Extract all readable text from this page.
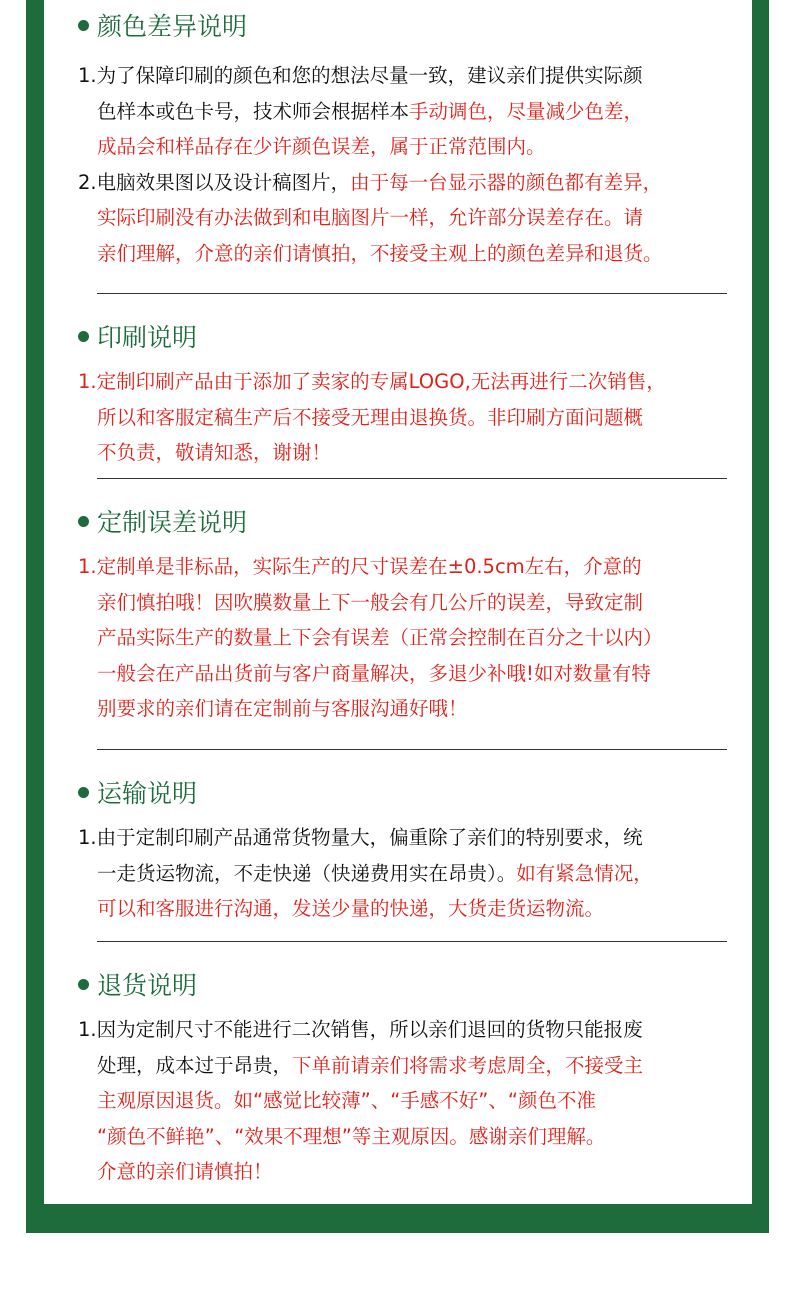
颜色差异说明
1.为了保障印刷的颜色和您的想法尽量一致，建议亲们提供实际颜
色样本或色卡号，技术师会根据样本手动调色，尽量减少色差，
成品会和样品存在少许颜色误差，属于正常范围内。
2.电脑效果图以及设计稿图片，由于每一台显示器的颜色都有差异，
实际印刷没有办法做到和电脑图片一样，允许部分误差存在。请
亲们理解，介意的亲们请慎拍，不接受主观上的颜色差异和退货。
印刷说明
1.定制印刷产品由于添加了卖家的专属LOGO,无法再进行二次销售，
所以和客服定稿生产后不接受无理由退换货。非印刷方面问题概
不负责，敬请知悉，谢谢！
定制误差说明
1.定制单是非标品，实际生产的尺寸误差在±0.5cm左右，介意的
亲们慎拍哦！因吹膜数量上下一般会有几公斤的误差，导致定制
产品实际生产的数量上下会有误差（正常会控制在百分之十以内）
一般会在产品出货前与客户商量解决，多退少补哦!如对数量有特
别要求的亲们请在定制前与客服沟通好哦！
运输说明
1.由于定制印刷产品通常货物量大，偏重除了亲们的特别要求，统
一走货运物流，不走快递（快递费用实在昂贵）。如有紧急情况，
可以和客服进行沟通，发送少量的快递，大货走货运物流。
退货说明
1.因为定制尺寸不能进行二次销售，所以亲们退回的货物只能报废
处理，成本过于昂贵，下单前请亲们将需求考虑周全，不接受主
主观原因退货。如“感觉比较薄”、“手感不好”、“颜色不准
“颜色不鲜艳”、“效果不理想”等主观原因。感谢亲们理解。
介意的亲们请慎拍！
